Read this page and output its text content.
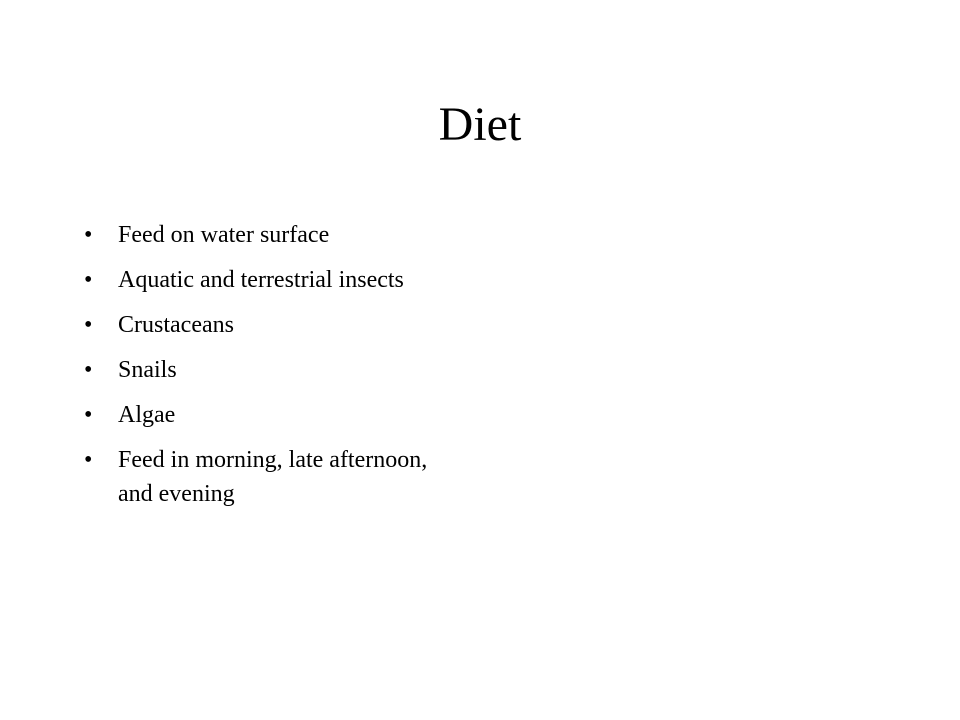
Diet
•	Feed on water surface
•	Aquatic and terrestrial insects
•	Crustaceans
•	Snails
•	Algae
•	Feed in morning, late afternoon, and evening
